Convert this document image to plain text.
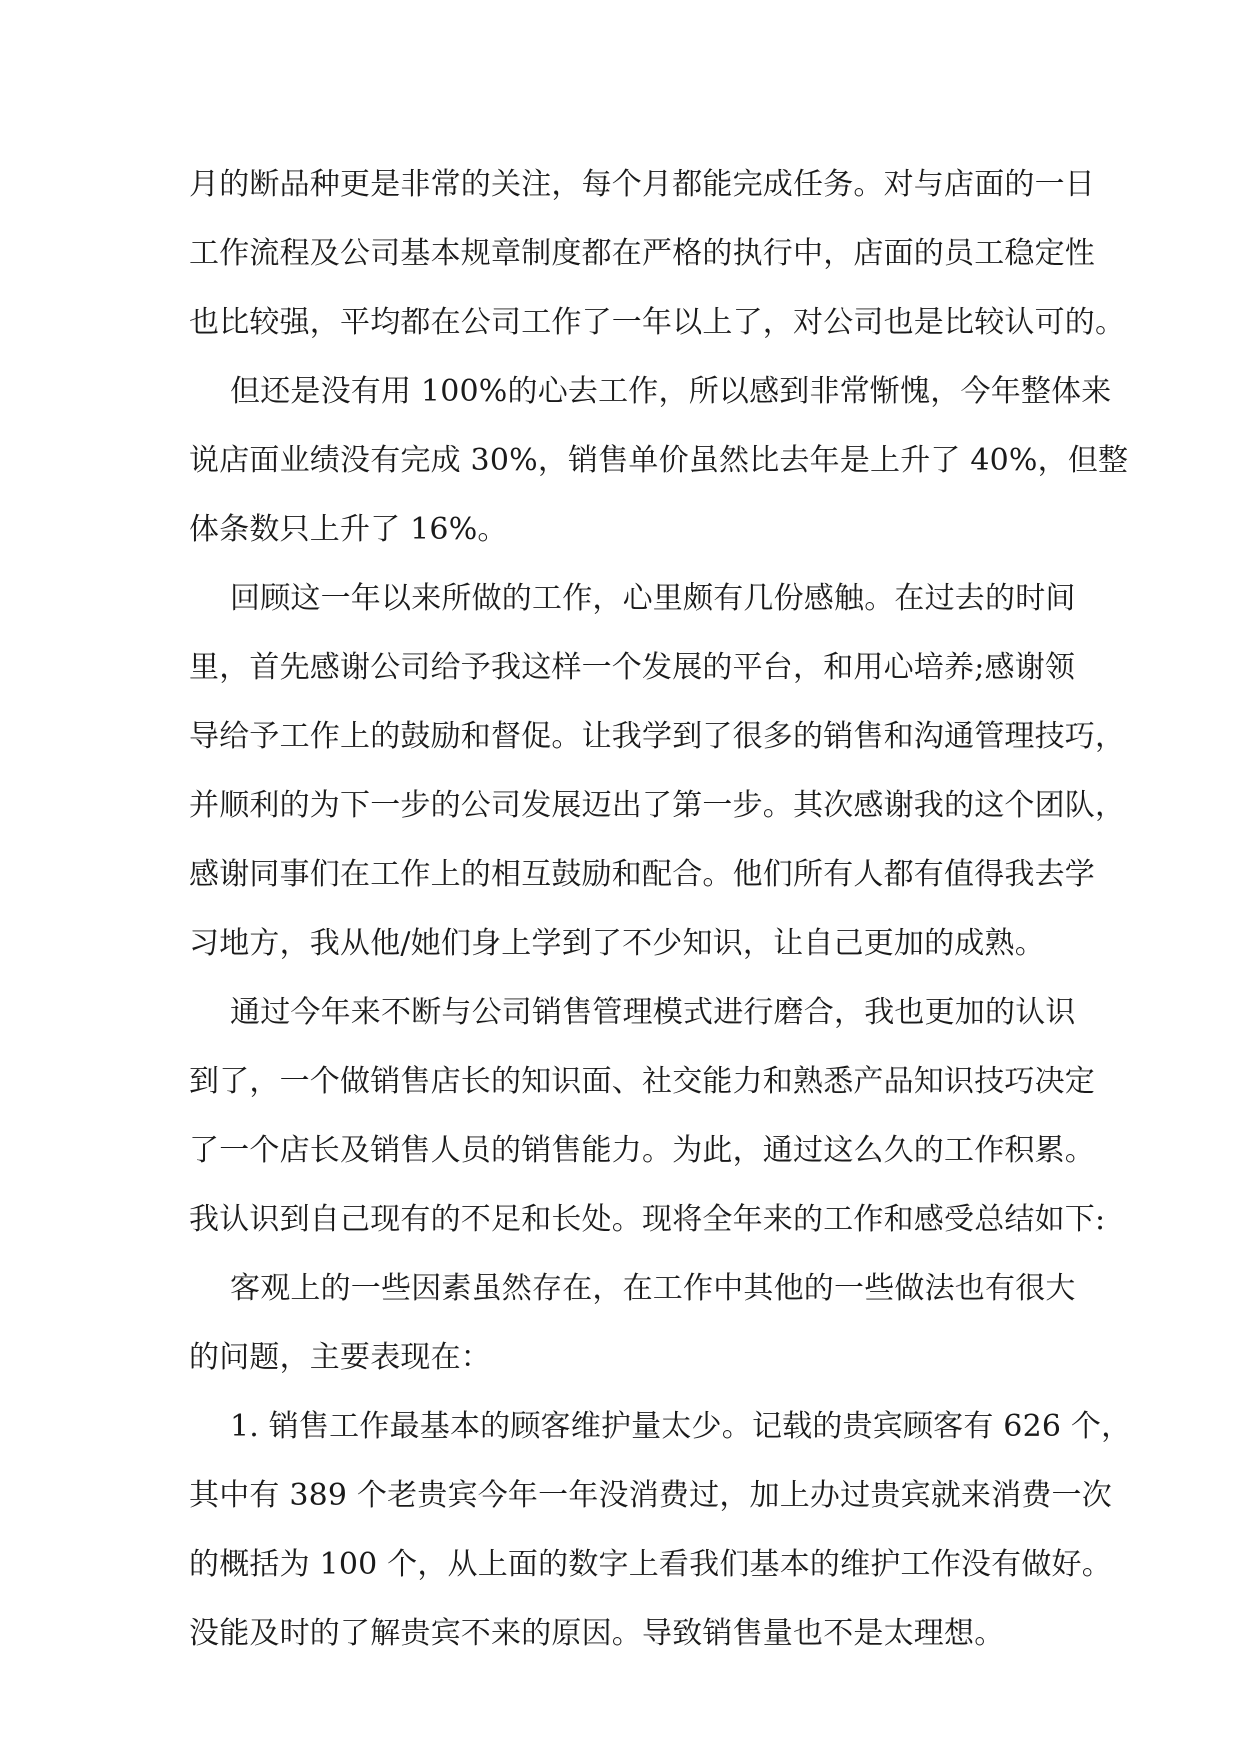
月的断品种更是非常的关注，每个月都能完成任务。对与店面的一日
工作流程及公司基本规章制度都在严格的执行中，店面的员工稳定性
也比较强，平均都在公司工作了一年以上了，对公司也是比较认可的。
但还是没有用 100%的心去工作，所以感到非常惭愧，今年整体来
说店面业绩没有完成 30%，销售单价虽然比去年是上升了 40%，但整
体条数只上升了 16%。
回顾这一年以来所做的工作，心里颇有几份感触。在过去的时间
里，首先感谢公司给予我这样一个发展的平台，和用心培养;感谢领
导给予工作上的鼓励和督促。让我学到了很多的销售和沟通管理技巧，
并顺利的为下一步的公司发展迈出了第一步。其次感谢我的这个团队，
感谢同事们在工作上的相互鼓励和配合。他们所有人都有值得我去学
习地方，我从他/她们身上学到了不少知识，让自己更加的成熟。
通过今年来不断与公司销售管理模式进行磨合，我也更加的认识
到了，一个做销售店长的知识面、社交能力和熟悉产品知识技巧决定
了一个店长及销售人员的销售能力。为此，通过这么久的工作积累。
我认识到自己现有的不足和长处。现将全年来的工作和感受总结如下:
客观上的一些因素虽然存在，在工作中其他的一些做法也有很大
的问题，主要表现在：
1. 销售工作最基本的顾客维护量太少。记载的贵宾顾客有 626 个，
其中有 389 个老贵宾今年一年没消费过，加上办过贵宾就来消费一次
的概括为 100 个，从上面的数字上看我们基本的维护工作没有做好。
没能及时的了解贵宾不来的原因。导致销售量也不是太理想。
